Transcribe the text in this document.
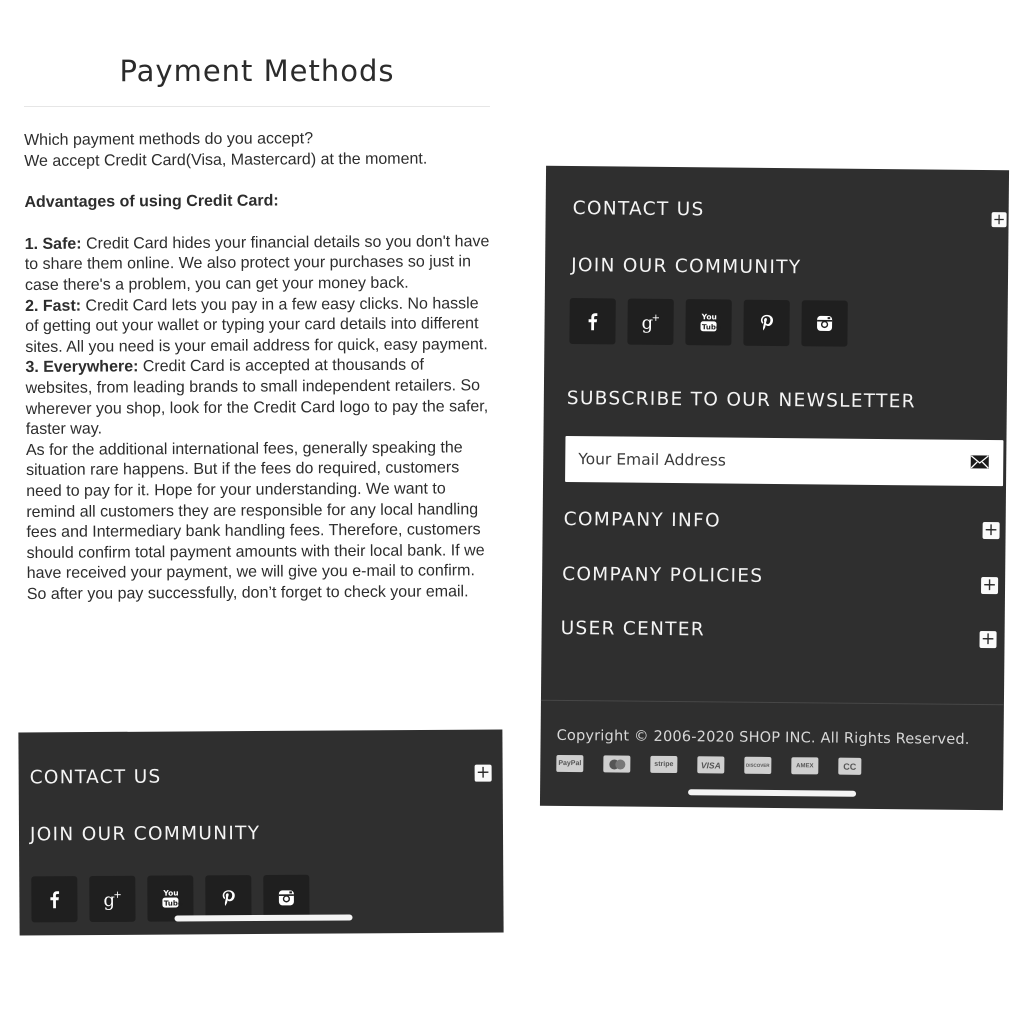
Payment Methods

Which payment methods do you accept?

We accept Credit Card(Visa, Mastercard) at the moment.

Advantages of using Credit Card:

1. Safe: Credit Card hides your financial details so you don't have to share them online. We also protect your purchases so just in case there's a problem, you can get your money back.

2. Fast: Credit Card lets you pay in a few easy clicks. No hassle of getting out your wallet or typing your card details into different sites. All you need is your email address for quick, easy payment.

3. Everywhere: Credit Card is accepted at thousands of websites, from leading brands to small independent retailers. So wherever you shop, look for the Credit Card logo to pay the safer, faster way.

As for the additional international fees, generally speaking the situation rare happens. But if the fees do required, customers need to pay for it. Hope for your understanding. We want to remind all customers they are responsible for any local handling fees and Intermediary bank handling fees. Therefore, customers should confirm total payment amounts with their local bank. If we have received your payment, we will give you e-mail to confirm. So after you pay successfully, don’t forget to check your email.

CONTACT US	+
JOIN OUR COMMUNITY
g
+	You
Tube
CONTACT US	+
JOIN OUR COMMUNITY
g
+	You
Tube
SUBSCRIBE TO OUR NEWSLETTER
Your Email Address
COMPANY INFO	+
COMPANY POLICIES	+
USER CENTER	+
Copyright © 2006-2020 SHOP INC. All Rights Reserved.
PayPal	stripe	VISA	DISCOVER	AMEX	CC
